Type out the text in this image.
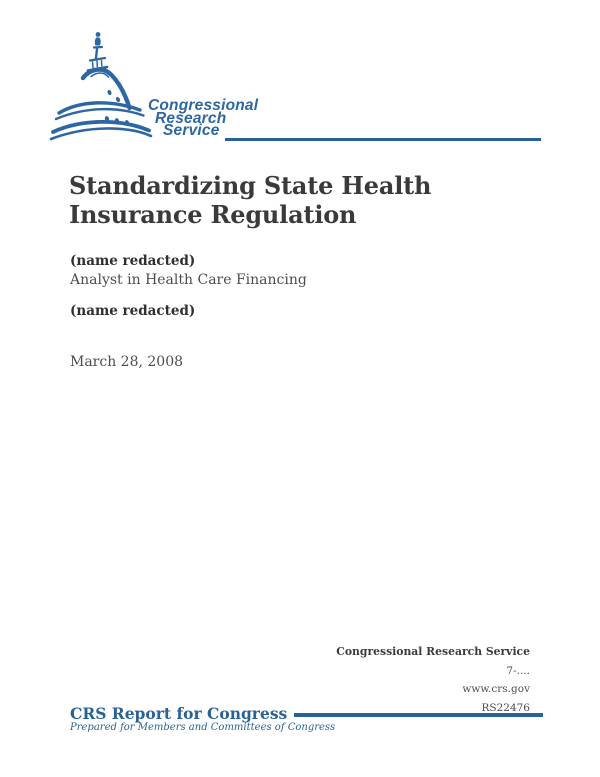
Congressional
Research
Service
Standardizing State Health
Insurance Regulation
(name redacted)
Analyst in Health Care Financing
(name redacted)
March 28, 2008
Congressional Research Service
7-....
www.crs.gov
RS22476
CRS Report for Congress
Prepared for Members and Committees of Congress
